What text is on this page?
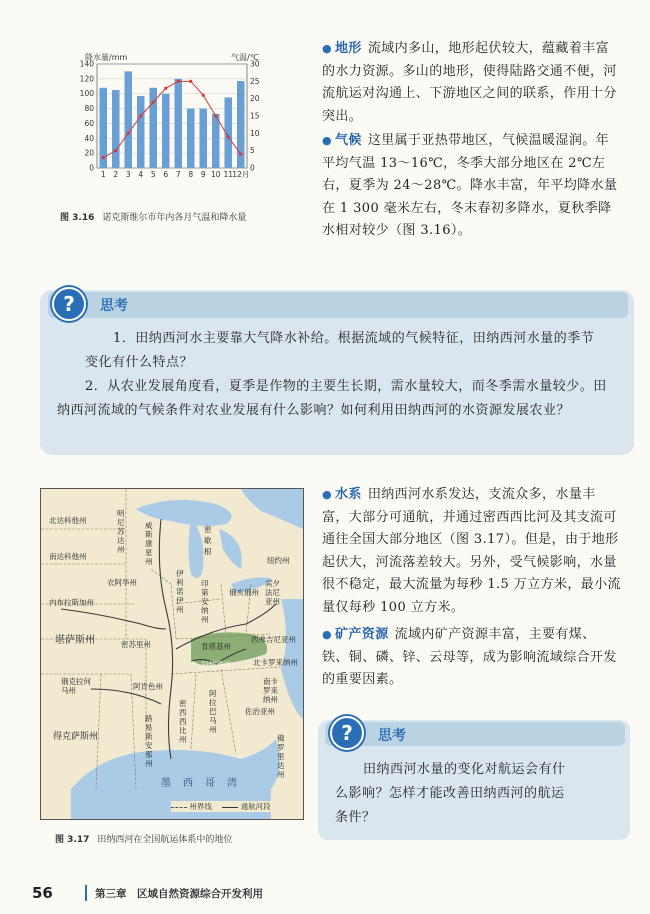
0
20
40
60
80
100
120
140
0
5
10
15
20
25
30
1 2 3 4 5 6 7 8 9 10 11 12月
降水量/mm	气温/℃
图 3.16 诺克斯维尔市年内各月气温和降水量

● 地形 流域内多山，地形起伏较大，蕴藏着丰富的水力资源。多山的地形，使得陆路交通不便，河流航运对沟通上、下游地区之间的联系，作用十分突出。

● 气候 这里属于亚热带地区，气候温暖湿润。年平均气温 13～16℃，冬季大部分地区在 2℃左右，夏季为 24～28℃。降水丰富，年平均降水量在 1 300 毫米左右，冬末春初多降水，夏秋季降水相对较少（图 3.16）。

?	思考
1．田纳西河水主要靠大气降水补给。根据流域的气候特征，田纳西河水量的季节变化有什么特点？
2．从农业发展角度看，夏季是作物的主要生长期，需水量较大，而冬季需水量较少。田纳西河流域的气候条件对农业发展有什么影响？如何利用田纳西河的水资源发展农业？
北达科他州
明尼苏达州
威斯康星州
密歇根
纽约州
南达科他州
衣阿华州
伊利诺伊州
印第安纳州
俄亥俄州
宾夕法尼亚州
内布拉斯加州
堪萨斯州	密苏里州	肯塔基州
西弗吉尼亚州
田纳西州	北卡罗来纳州
南卡罗来纳州
佐治亚州
阿拉巴马州
密西西比州
阿肯色州
俄克拉何马州
得克萨斯州
路易斯安那州
佛罗里达州
墨西哥湾
州界线	通航河段
图 3.17 田纳西河在全国航运体系中的地位

● 水系 田纳西河水系发达，支流众多，水量丰富，大部分可通航，并通过密西西比河及其支流可通往全国大部分地区（图 3.17）。但是，由于地形起伏大，河流落差较大。另外，受气候影响，水量很不稳定，最大流量为每秒 1.5 万立方米，最小流量仅每秒 100 立方米。

● 矿产资源 流域内矿产资源丰富，主要有煤、铁、铜、磷、锌、云母等，成为影响流域综合开发的重要因素。

?	思考
田纳西河水量的变化对航运会有什么影响？怎样才能改善田纳西河的航运条件？
56	第三章　区域自然资源综合开发利用
